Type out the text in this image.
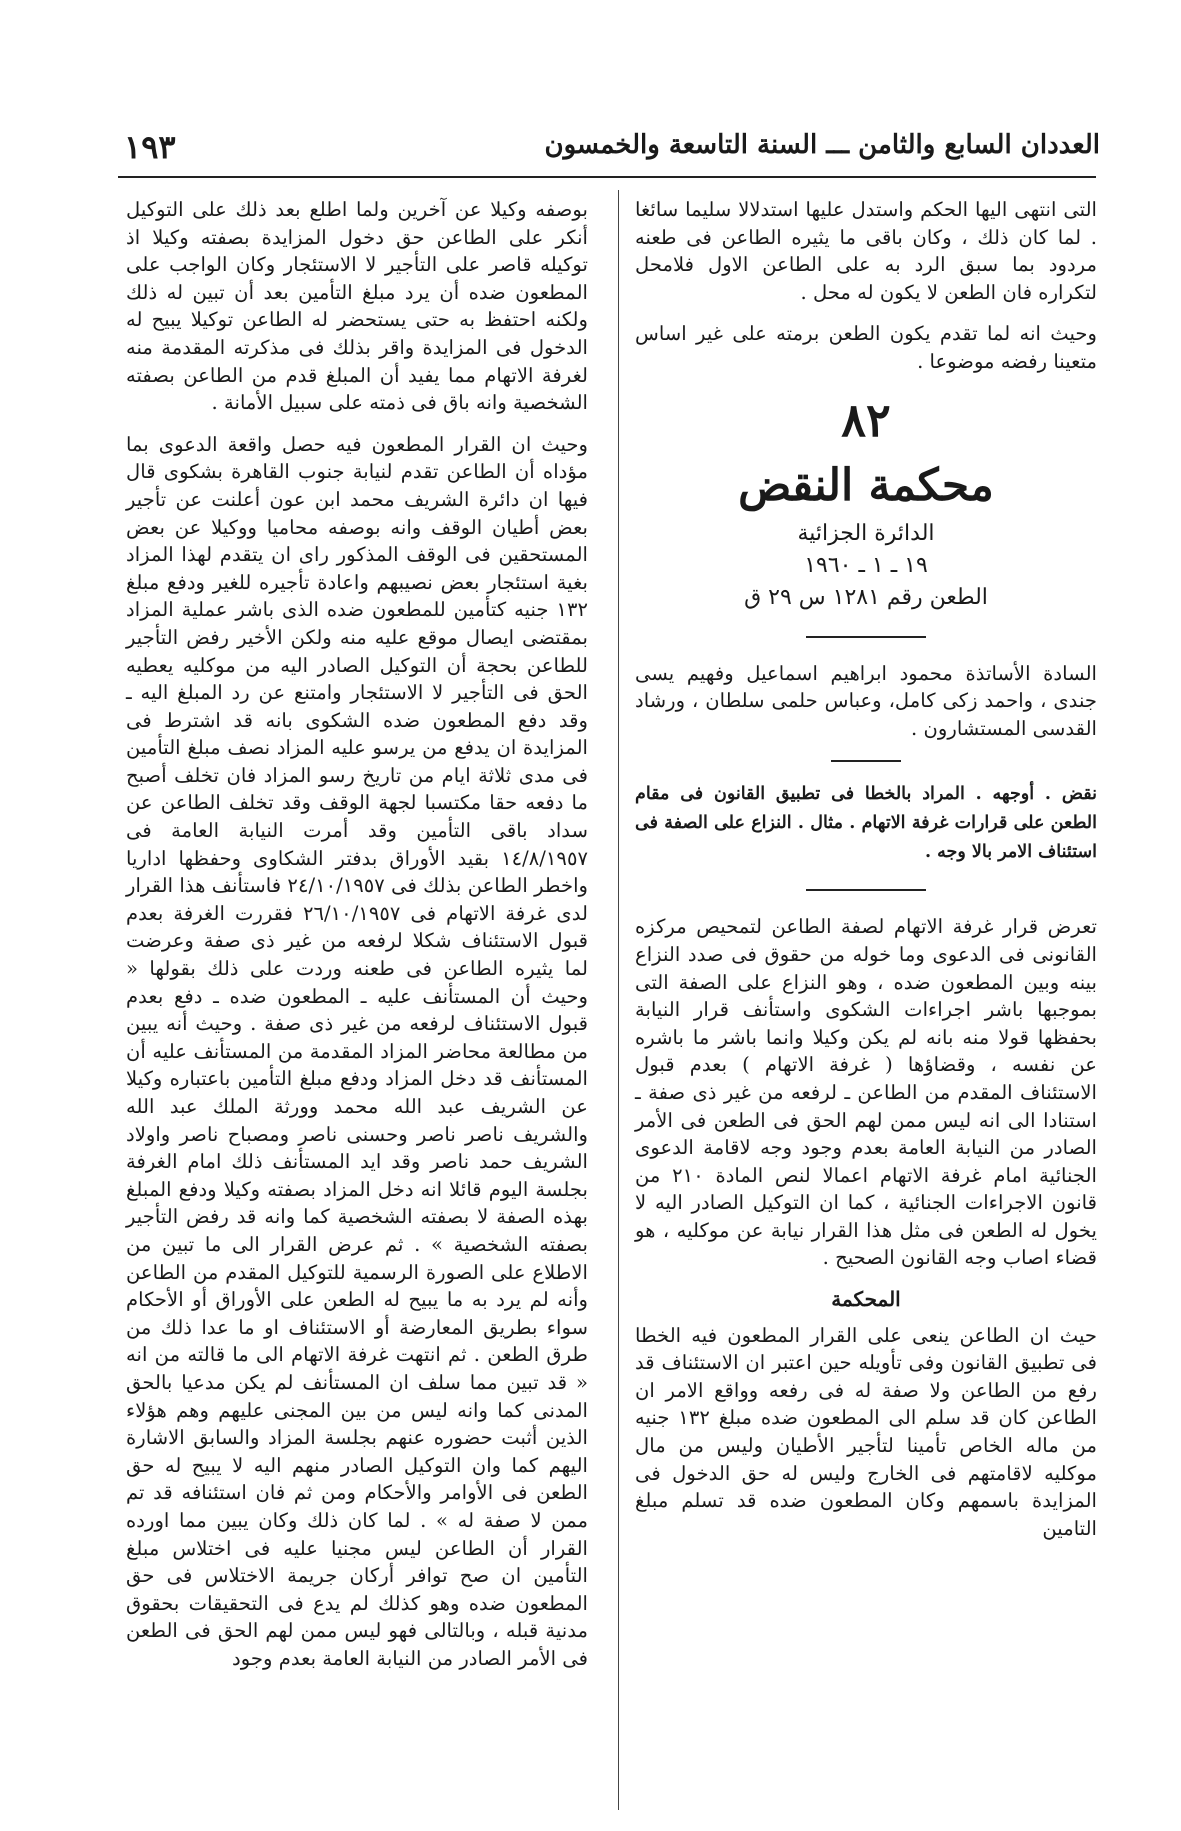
١٩٣	العددان السابع والثامن ـــ السنة التاسعة والخمسون

التى انتهى اليها الحكم واستدل عليها استدلالا سليما سائغا . لما كان ذلك ، وكان باقى ما يثيره الطاعن فى طعنه مردود بما سبق الرد به على الطاعن الاول فلامحل لتكراره فان الطعن لا يكون له محل .

وحيث انه لما تقدم يكون الطعن برمته على غير اساس متعينا رفضه موضوعا .

٨٢
محكمة النقض
الدائرة الجزائية
١٩ ـ ١ ـ ١٩٦٠
الطعن رقم ١٢٨١ س ٢٩ ق

السادة الأساتذة محمود ابراهيم اسماعيل وفهيم يسى جندى ، واحمد زكى كامل، وعباس حلمى سلطان ، ورشاد القدسى المستشارون .

نقض . أوجهه . المراد بالخطا فى تطبيق القانون فى مقام الطعن على قرارات غرفة الاتهام . مثال . النزاع على الصفة فى استئناف الامر بالا وجه .

تعرض قرار غرفة الاتهام لصفة الطاعن لتمحيص مركزه القانونى فى الدعوى وما خوله من حقوق فى صدد النزاع بينه وبين المطعون ضده ، وهو النزاع على الصفة التى بموجبها باشر اجراءات الشكوى واستأنف قرار النيابة بحفظها قولا منه بانه لم يكن وكيلا وانما باشر ما باشره عن نفسه ، وقضاؤها ( غرفة الاتهام ) بعدم قبول الاستئناف المقدم من الطاعن ـ لرفعه من غير ذى صفة ـ استنادا الى انه ليس ممن لهم الحق فى الطعن فى الأمر الصادر من النيابة العامة بعدم وجود وجه لاقامة الدعوى الجنائية امام غرفة الاتهام اعمالا لنص المادة ٢١٠ من قانون الاجراءات الجنائية ، كما ان التوكيل الصادر اليه لا يخول له الطعن فى مثل هذا القرار نيابة عن موكليه ، هو قضاء اصاب وجه القانون الصحيح .

المحكمة

حيث ان الطاعن ينعى على القرار المطعون فيه الخطا فى تطبيق القانون وفى تأويله حين اعتبر ان الاستئناف قد رفع من الطاعن ولا صفة له فى رفعه وواقع الامر ان الطاعن كان قد سلم الى المطعون ضده مبلغ ١٣٢ جنيه من ماله الخاص تأمينا لتأجير الأطيان وليس من مال موكليه لاقامتهم فى الخارج وليس له حق الدخول فى المزايدة باسمهم وكان المطعون ضده قد تسلم مبلغ التامين

بوصفه وكيلا عن آخرين ولما اطلع بعد ذلك على التوكيل أنكر على الطاعن حق دخول المزايدة بصفته وكيلا اذ توكيله قاصر على التأجير لا الاستئجار وكان الواجب على المطعون ضده أن يرد مبلغ التأمين بعد أن تبين له ذلك ولكنه احتفظ به حتى يستحضر له الطاعن توكيلا يبيح له الدخول فى المزايدة واقر بذلك فى مذكرته المقدمة منه لغرفة الاتهام مما يفيد أن المبلغ قدم من الطاعن بصفته الشخصية وانه باق فى ذمته على سبيل الأمانة .

وحيث ان القرار المطعون فيه حصل واقعة الدعوى بما مؤداه أن الطاعن تقدم لنيابة جنوب القاهرة بشكوى قال فيها ان دائرة الشريف محمد ابن عون أعلنت عن تأجير بعض أطيان الوقف وانه بوصفه محاميا ووكيلا عن بعض المستحقين فى الوقف المذكور راى ان يتقدم لهذا المزاد بغية استئجار بعض نصيبهم واعادة تأجيره للغير ودفع مبلغ ١٣٢ جنيه كتأمين للمطعون ضده الذى باشر عملية المزاد بمقتضى ايصال موقع عليه منه ولكن الأخير رفض التأجير للطاعن بحجة أن التوكيل الصادر اليه من موكليه يعطيه الحق فى التأجير لا الاستئجار وامتنع عن رد المبلغ اليه ـ وقد دفع المطعون ضده الشكوى بانه قد اشترط فى المزايدة ان يدفع من يرسو عليه المزاد نصف مبلغ التأمين فى مدى ثلاثة ايام من تاريخ رسو المزاد فان تخلف أصبح ما دفعه حقا مكتسبا لجهة الوقف وقد تخلف الطاعن عن سداد باقى التأمين وقد أمرت النيابة العامة فى ١٤/٨/١٩٥٧ بقيد الأوراق بدفتر الشكاوى وحفظها اداريا واخطر الطاعن بذلك فى ٢٤/١٠/١٩٥٧ فاستأنف هذا القرار لدى غرفة الاتهام فى ٢٦/١٠/١٩٥٧ فقررت الغرفة بعدم قبول الاستئناف شكلا لرفعه من غير ذى صفة وعرضت لما يثيره الطاعن فى طعنه وردت على ذلك بقولها « وحيث أن المستأنف عليه ـ المطعون ضده ـ دفع بعدم قبول الاستئناف لرفعه من غير ذى صفة . وحيث أنه يبين من مطالعة محاضر المزاد المقدمة من المستأنف عليه أن المستأنف قد دخل المزاد ودفع مبلغ التأمين باعتباره وكيلا عن الشريف عبد الله محمد وورثة الملك عبد الله والشريف ناصر ناصر وحسنى ناصر ومصباح ناصر واولاد الشريف حمد ناصر وقد ايد المستأنف ذلك امام الغرفة بجلسة اليوم قائلا انه دخل المزاد بصفته وكيلا ودفع المبلغ بهذه الصفة لا بصفته الشخصية كما وانه قد رفض التأجير بصفته الشخصية » . ثم عرض القرار الى ما تبين من الاطلاع على الصورة الرسمية للتوكيل المقدم من الطاعن وأنه لم يرد به ما يبيح له الطعن على الأوراق أو الأحكام سواء بطريق المعارضة أو الاستئناف او ما عدا ذلك من طرق الطعن . ثم انتهت غرفة الاتهام الى ما قالته من انه « قد تبين مما سلف ان المستأنف لم يكن مدعيا بالحق المدنى كما وانه ليس من بين المجنى عليهم وهم هؤلاء الذين أثبت حضوره عنهم بجلسة المزاد والسابق الاشارة اليهم كما وان التوكيل الصادر منهم اليه لا يبيح له حق الطعن فى الأوامر والأحكام ومن ثم فان استئنافه قد تم ممن لا صفة له » . لما كان ذلك وكان يبين مما اورده القرار أن الطاعن ليس مجنيا عليه فى اختلاس مبلغ التأمين ان صح توافر أركان جريمة الاختلاس فى حق المطعون ضده وهو كذلك لم يدع فى التحقيقات بحقوق مدنية قبله ، وبالتالى فهو ليس ممن لهم الحق فى الطعن فى الأمر الصادر من النيابة العامة بعدم وجود
